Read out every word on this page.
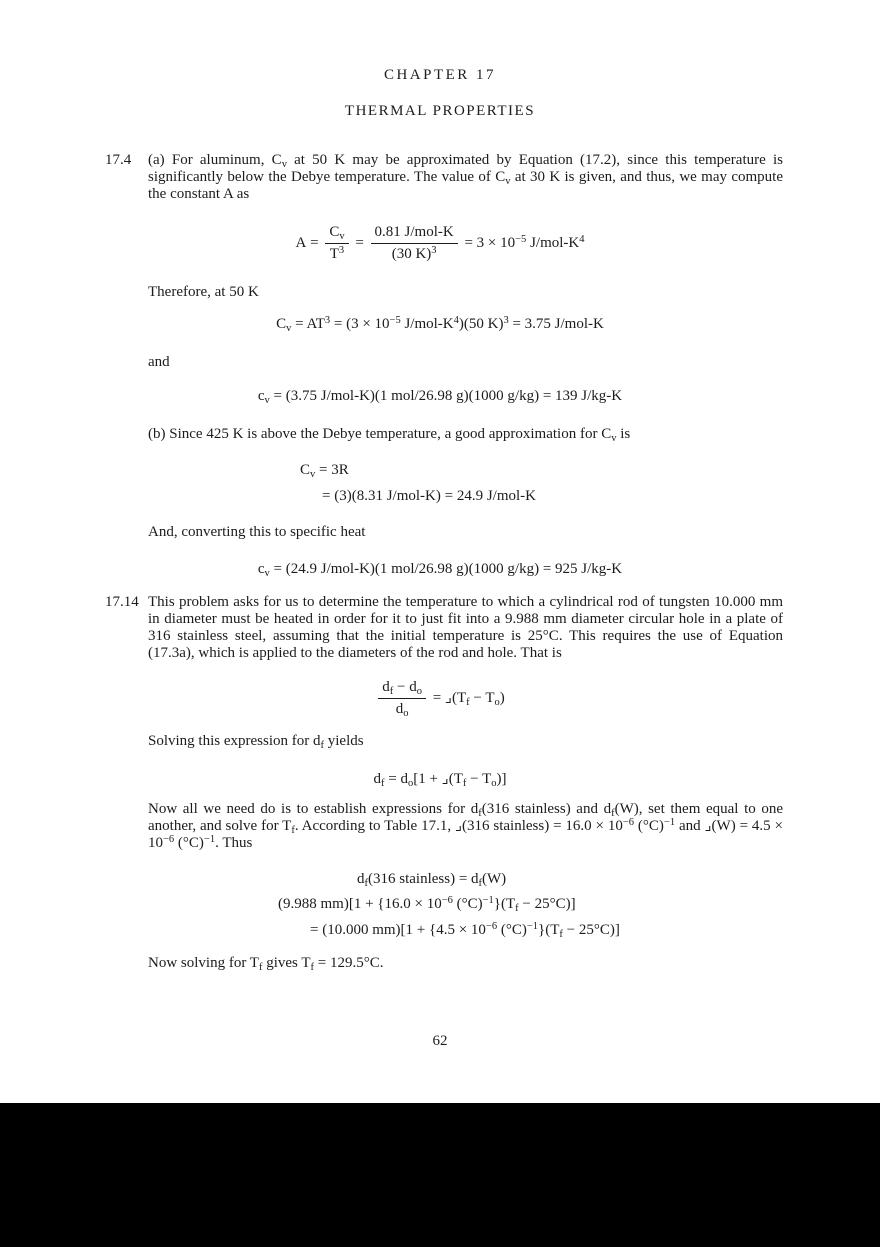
CHAPTER 17
THERMAL PROPERTIES
17.4	(a) For aluminum, $C_v$ at 50 K may be approximated by Equation (17.2), since this temperature is significantly below the Debye temperature. The value of $C_v$ at 30 K is given, and thus, we may compute the constant A as
$A = \frac{C_v}{T^3} = \frac{\text{0.81 J/mol-K}}{(30 K)^3} = 3 \times 10^{-5}$ $J/mol-K^4$
Therefore, at 50 K
$C_v = AT^3 = (3 \times 10^{-5}$ $J/mol-K^4)(50$ K)$^3$ = 3.75 J/mol-K
and
$c_v = (3.75$ J/mol-K)(1 mol/26.98 g)(1000 g/kg) = 139 J/kg-K
(b) Since 425 K is above the Debye temperature, a good approximation for $C_v$ is
$C_v = 3R$
= (3)(8.31 J/mol-K) = 24.9 J/mol-K
And, converting this to specific heat
$c_v = (24.9$ J/mol-K)(1 mol/26.98 g)(1000 g/kg) = 925 J/kg-K
17.14 This problem asks for us to determine the temperature to which a cylindrical rod of tungsten 10.000 mm in diameter must be heated in order for it to just fit into a 9.988 mm diameter circular hole in a plate of 316 stainless steel, assuming that the initial temperature is 25°C. This requires the use of Equation (17.3a), which is applied to the diameters of the rod and hole. That is
$\frac{d_f - d_o}{d_o}$ = $⌟(T_f - T_o)$
Solving this expression for $d_f$ yields
$d_f = d_o[1$ + $⌟(T_f - T_o)$]
Now all we need do is to establish expressions for $d_f(316$ stainless) and $d_f(W)$, set them equal to one another, and solve for $T_f$. According to Table 17.1, ⌟(316 stainless) = $16.0 \times 10^{-6}$ $(^\circ C)^{-1}$ and ⌟(W) = $4.5 \times 10^{-6}$ $(^\circ C)^{-1}$. Thus
$d_f(316$ stainless) = $d_f(W)$
(9.988 $mm)[1 + \{16.0 \times 10^{-6}$ $(^\circ C)^{-1}\}(T_f - 25^\circ C)$]
= (10.000 $mm)[1 + \{4.5 \times 10^{-6}$ $(^\circ C)^{-1}\}(T_f - 25^\circ C)$]
Now solving for $T_f$ gives $T_f = 129.5^\circ C$.
62
